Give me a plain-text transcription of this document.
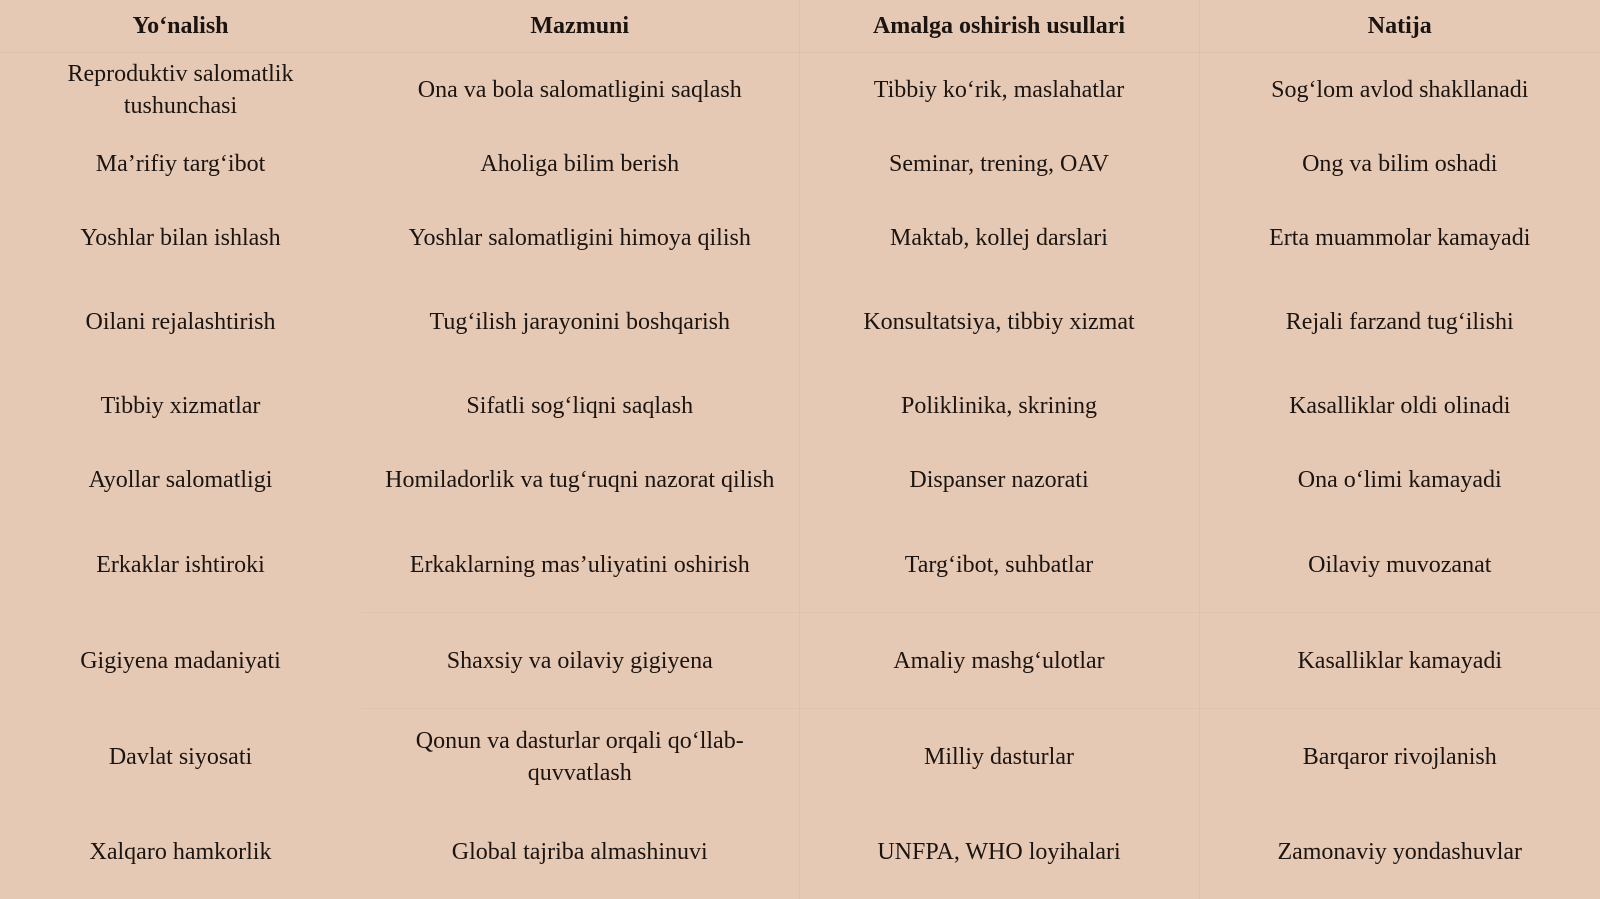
Yo‘nalish	Mazmuni	Amalga oshirish usullari	Natija
Reproduktiv salomatlik tushunchasi	Ona va bola salomatligini saqlash	Tibbiy ko‘rik, maslahatlar	Sog‘lom avlod shakllanadi
Ma’rifiy targ‘ibot	Aholiga bilim berish	Seminar, trening, OAV	Ong va bilim oshadi
Yoshlar bilan ishlash	Yoshlar salomatligini himoya qilish	Maktab, kollej darslari	Erta muammolar kamayadi
Oilani rejalashtirish	Tug‘ilish jarayonini boshqarish	Konsultatsiya, tibbiy xizmat	Rejali farzand tug‘ilishi
Tibbiy xizmatlar	Sifatli sog‘liqni saqlash	Poliklinika, skrining	Kasalliklar oldi olinadi
Ayollar salomatligi	Homiladorlik va tug‘ruqni nazorat qilish	Dispanser nazorati	Ona o‘limi kamayadi
Erkaklar ishtiroki	Erkaklarning mas’uliyatini oshirish	Targ‘ibot, suhbatlar	Oilaviy muvozanat
Gigiyena madaniyati	Shaxsiy va oilaviy gigiyena	Amaliy mashg‘ulotlar	Kasalliklar kamayadi
Davlat siyosati	Qonun va dasturlar orqali qo‘llab-quvvatlash	Milliy dasturlar	Barqaror rivojlanish
Xalqaro hamkorlik	Global tajriba almashinuvi	UNFPA, WHO loyihalari	Zamonaviy yondashuvlar
